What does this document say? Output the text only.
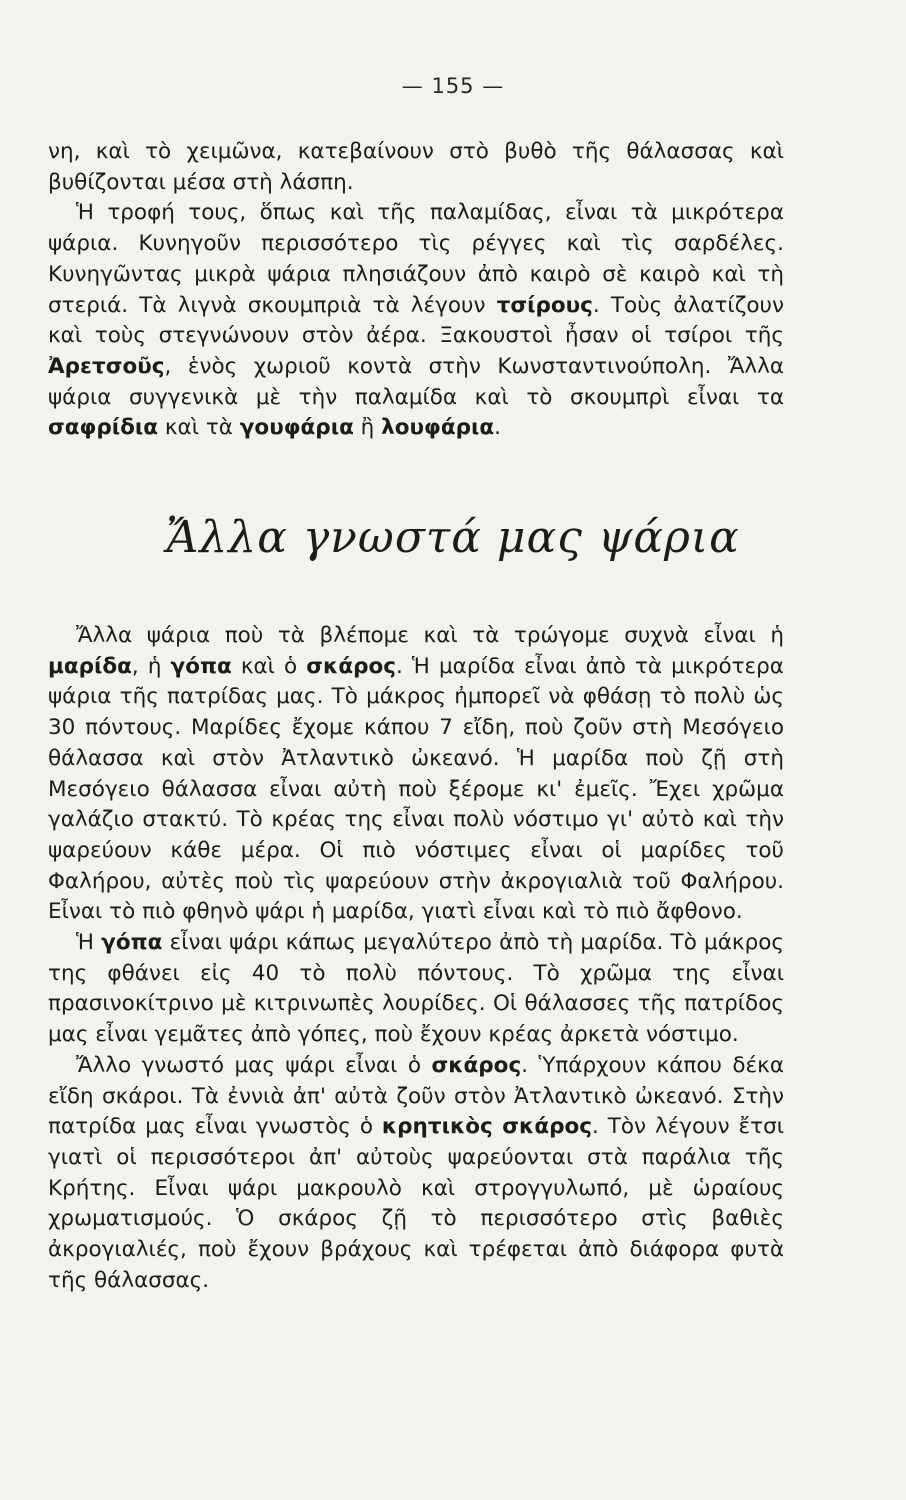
— 155 —

νη, καὶ τὸ χειμῶνα, κατεβαίνουν στὸ βυθὸ τῆς θάλασσας καὶ βυθίζονται μέσα στὴ λάσπη.

Ἡ τροφή τους, ὅπως καὶ τῆς παλαμίδας, εἶναι τὰ μικρότερα ψάρια. Κυνηγοῦν περισσότερο τὶς ρέγγες καὶ τὶς σαρδέλες. Κυνηγῶντας μικρὰ ψάρια πλησιάζουν ἀπὸ καιρὸ σὲ καιρὸ καὶ τὴ στεριά. Τὰ λιγνὰ σκουμπριὰ τὰ λέγουν τσίρους. Τοὺς ἀλατίζουν καὶ τοὺς στεγνώνουν στὸν ἀέρα. Ξακουστοὶ ἦσαν οἱ τσίροι τῆς Ἀρετσοῦς, ἑνὸς χωριοῦ κοντὰ στὴν Κωνσταντινούπολη. Ἄλλα ψάρια συγγενικὰ μὲ τὴν παλαμίδα καὶ τὸ σκουμπρὶ εἶναι τα σαφρίδια καὶ τὰ γουφάρια ἢ λουφάρια.

Ἄλλα γνωστά μας ψάρια

Ἄλλα ψάρια ποὺ τὰ βλέπομε καὶ τὰ τρώγομε συχνὰ εἶναι ἡ μαρίδα, ἡ γόπα καὶ ὁ σκάρος. Ἡ μαρίδα εἶναι ἀπὸ τὰ μικρότερα ψάρια τῆς πατρίδας μας. Τὸ μάκρος ἠμπορεῖ νὰ φθάσῃ τὸ πολὺ ὡς 30 πόντους. Μαρίδες ἔχομε κάπου 7 εἴδη, ποὺ ζοῦν στὴ Μεσόγειο θάλασσα καὶ στὸν Ἀτλαντικὸ ὠκεανό. Ἡ μαρίδα ποὺ ζῇ στὴ Μεσόγειο θάλασσα εἶναι αὐτὴ ποὺ ξέρομε κι' ἐμεῖς. Ἔχει χρῶμα γαλάζιο στακτύ. Τὸ κρέας της εἶναι πολὺ νόστιμο γι' αὐτὸ καὶ τὴν ψαρεύουν κάθε μέρα. Οἱ πιὸ νόστιμες εἶναι οἱ μαρίδες τοῦ Φαλήρου, αὐτὲς ποὺ τὶς ψαρεύουν στὴν ἀκρογιαλιὰ τοῦ Φαλήρου. Εἶναι τὸ πιὸ φθηνὸ ψάρι ἡ μαρίδα, γιατὶ εἶναι καὶ τὸ πιὸ ἄφθονο.

Ἡ γόπα εἶναι ψάρι κάπως μεγαλύτερο ἀπὸ τὴ μαρίδα. Τὸ μάκρος της φθάνει εἰς 40 τὸ πολὺ πόντους. Τὸ χρῶμα της εἶναι πρασινοκίτρινο μὲ κιτρινωπὲς λουρίδες. Οἱ θάλασσες τῆς πατρίδος μας εἶναι γεμᾶτες ἀπὸ γόπες, ποὺ ἔχουν κρέας ἀρκετὰ νόστιμο.

Ἄλλο γνωστό μας ψάρι εἶναι ὁ σκάρος. Ὑπάρχουν κάπου δέκα εἴδη σκάροι. Τὰ ἐννιὰ ἀπ' αὐτὰ ζοῦν στὸν Ἀτλαντικὸ ὠκεανό. Στὴν πατρίδα μας εἶναι γνωστὸς ὁ κρητικὸς σκάρος. Τὸν λέγουν ἔτσι γιατὶ οἱ περισσότεροι ἀπ' αὐτοὺς ψαρεύονται στὰ παράλια τῆς Κρήτης. Εἶναι ψάρι μακρουλὸ καὶ στρογγυλωπό, μὲ ὡραίους χρωματισμούς. Ὁ σκάρος ζῇ τὸ περισσότερο στὶς βαθιὲς ἀκρογιαλιές, ποὺ ἔχουν βράχους καὶ τρέφεται ἀπὸ διάφορα φυτὰ τῆς θάλασσας.
